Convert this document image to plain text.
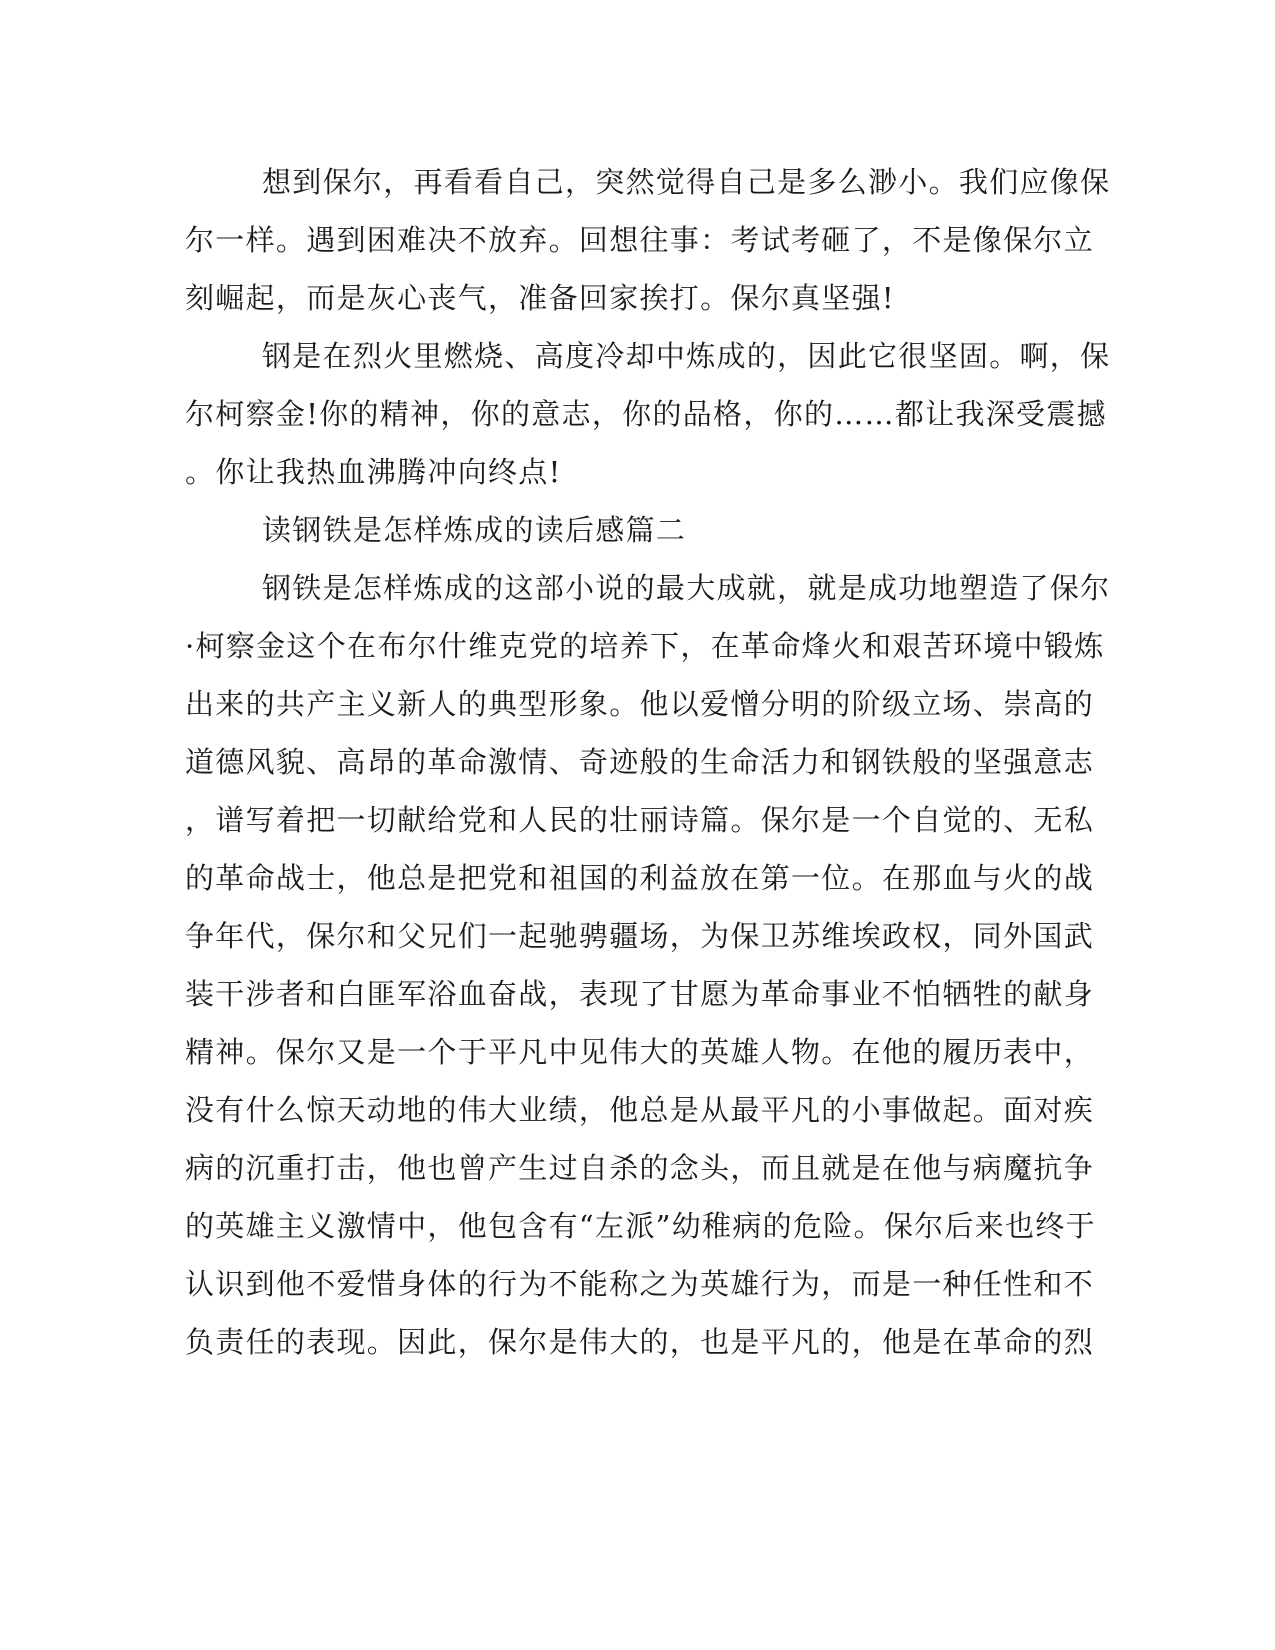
想到保尔，再看看自己，突然觉得自己是多么渺小。我们应像保

尔一样。遇到困难决不放弃。回想往事：考试考砸了，不是像保尔立

刻崛起，而是灰心丧气，准备回家挨打。保尔真坚强!

钢是在烈火里燃烧、高度冷却中炼成的，因此它很坚固。啊，保

尔柯察金!你的精神，你的意志，你的品格，你的……都让我深受震撼

。你让我热血沸腾冲向终点!

读钢铁是怎样炼成的读后感篇二

钢铁是怎样炼成的这部小说的最大成就，就是成功地塑造了保尔

·柯察金这个在布尔什维克党的培养下，在革命烽火和艰苦环境中锻炼

出来的共产主义新人的典型形象。他以爱憎分明的阶级立场、崇高的

道德风貌、高昂的革命激情、奇迹般的生命活力和钢铁般的坚强意志

，谱写着把一切献给党和人民的壮丽诗篇。保尔是一个自觉的、无私

的革命战士，他总是把党和祖国的利益放在第一位。在那血与火的战

争年代，保尔和父兄们一起驰骋疆场，为保卫苏维埃政权，同外国武

装干涉者和白匪军浴血奋战，表现了甘愿为革命事业不怕牺牲的献身

精神。保尔又是一个于平凡中见伟大的英雄人物。在他的履历表中，

没有什么惊天动地的伟大业绩，他总是从最平凡的小事做起。面对疾

病的沉重打击，他也曾产生过自杀的念头，而且就是在他与病魔抗争

的英雄主义激情中，他包含有“左派”幼稚病的危险。保尔后来也终于

认识到他不爱惜身体的行为不能称之为英雄行为，而是一种任性和不

负责任的表现。因此，保尔是伟大的，也是平凡的，他是在革命的烈
